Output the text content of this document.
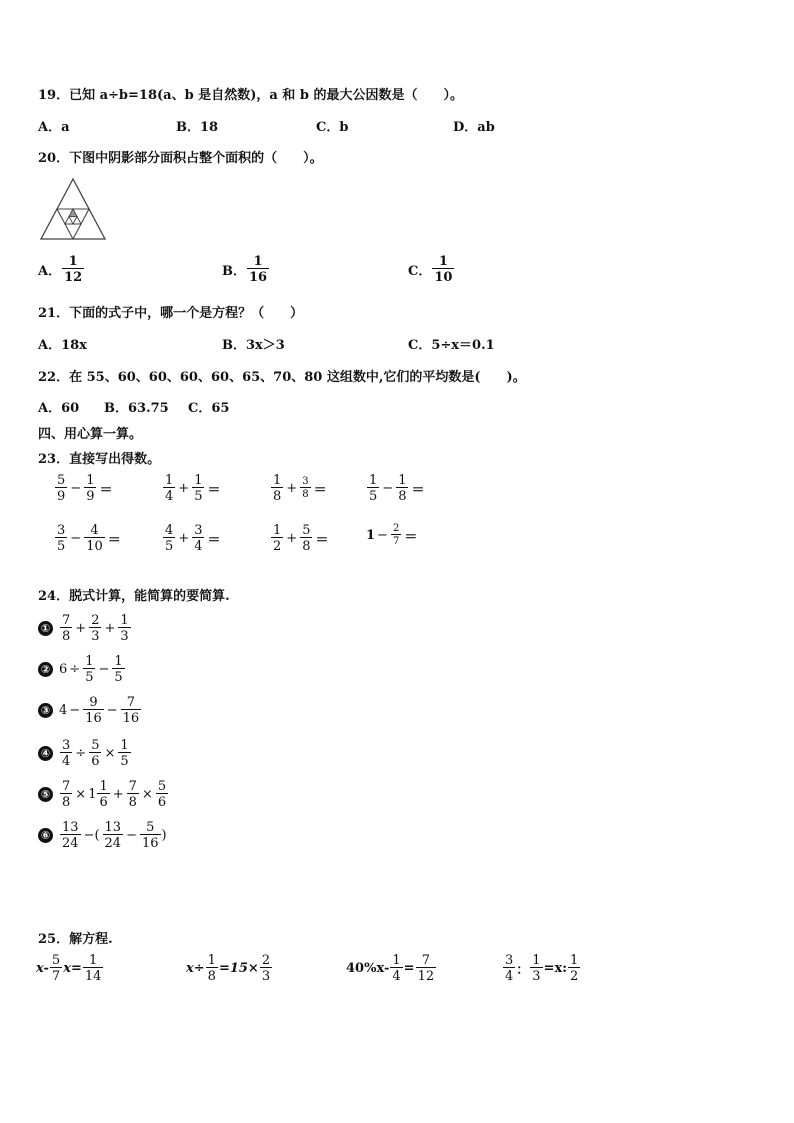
19．已知 a÷b=18(a、b 是自然数)，a 和 b 的最大公因数是（　　）。
A．a	B．18	C．b	D．ab
20．下图中阴影部分面积占整个面积的（　　）。
A． $\frac{1}{12}$	B． $\frac{1}{16}$	C． $\frac{1}{10}$
21．下面的式子中，哪一个是方程？（　　）
A．18x	B．3x＞3	C．5÷x＝0.1
22．在 55、60、60、60、60、65、70、80 这组数中,它们的平均数是(　　)。
A．60 B．63.75 C．65
四、用心算一算。
23．直接写出得数。
$\frac{5}{9} - \frac{1}{9}$ ＝	$\frac{1}{4} + \frac{1}{5}$ ＝	$\frac{1}{8} + \frac{3}{8}$ ＝	$\frac{1}{5} - \frac{1}{8}$ ＝
$\frac{3}{5} - \frac{4}{10}$ ＝	$\frac{4}{5} + \frac{3}{4}$ ＝	$\frac{1}{2} + \frac{5}{8}$ ＝	$1 - \frac{2}{7}$ ＝
24．脱式计算，能简算的要简算.
① $\frac{7}{8} + \frac{2}{3} + \frac{1}{3}$
② $6 \div \frac{1}{5} - \frac{1}{5}$
③ $4 - \frac{9}{16} - \frac{7}{16}$
④ $\frac{3}{4} \div \frac{5}{6} \times \frac{1}{5}$
⑤ $\frac{7}{8} \times 1 \frac{1}{6} + \frac{7}{8} \times \frac{5}{6}$
⑥ $\frac{13}{24}$ −( $\frac{13}{24} - \frac{5}{16}$ )
25．解方程.
$x- \frac{5}{7} x= \frac{1}{14}$	$x\div \frac{1}{8} =15\times \frac{2}{3}$	$40\%x- \frac{1}{4} = \frac{7}{12}$	$\frac{3}{4}$ ： $\frac{1}{3} =x$: $\frac{1}{2}$
